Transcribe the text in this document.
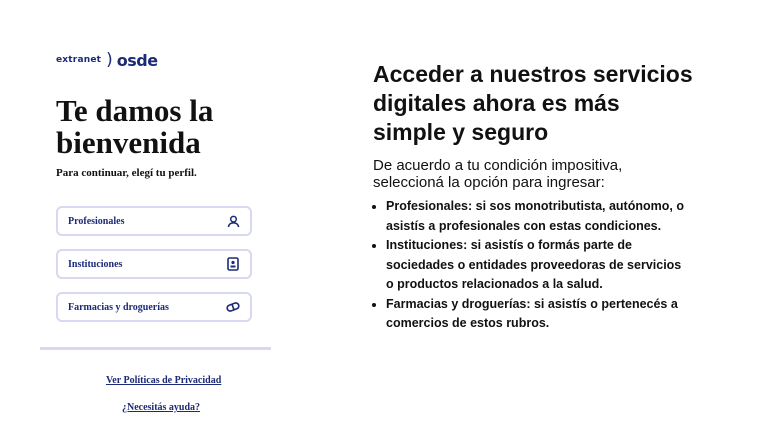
extranet ) osde
Te damos la bienvenida

Para continuar, elegí tu perfil.

Profesionales
Instituciones
Farmacias y droguerías
Ver Políticas de Privacidad
¿Necesitás ayuda?
Acceder a nuestros servicios digitales ahora es más simple y seguro

De acuerdo a tu condición impositiva, seleccioná la opción para ingresar:

• Profesionales: si sos monotributista, autónomo, o asistís a profesionales con estas condiciones.
• Instituciones: si asistís o formás parte de sociedades o entidades proveedoras de servicios o productos relacionados a la salud.
• Farmacias y droguerías: si asistís o pertenecés a comercios de estos rubros.
